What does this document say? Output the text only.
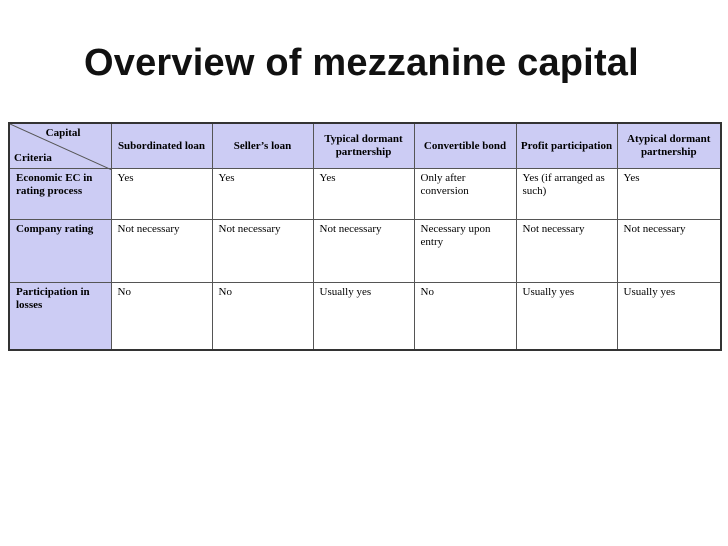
Overview of mezzanine capital
Capital
Criteria	Subordinated loan	Seller’s loan	Typical dormant partnership	Convertible bond	Profit participation	Atypical dormant partnership
Economic EC in rating process	Yes	Yes	Yes	Only after conversion	Yes (if arranged as such)	Yes
Company rating	Not necessary	Not necessary	Not necessary	Necessary upon entry	Not necessary	Not necessary
Participation in losses	No	No	Usually yes	No	Usually yes	Usually yes
